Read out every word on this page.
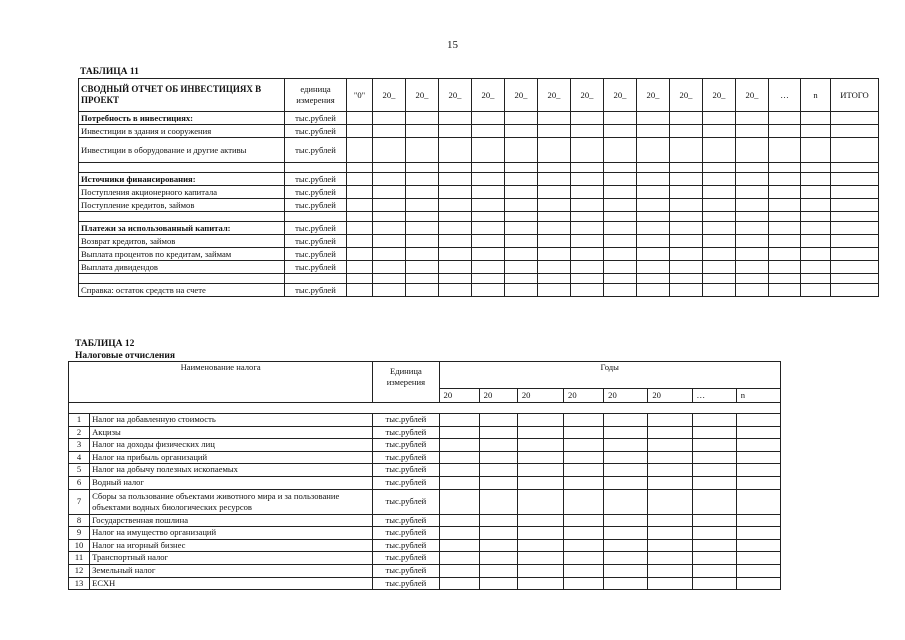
15
ТАБЛИЦА 11
СВОДНЫЙ ОТЧЕТ ОБ ИНВЕСТИЦИЯХ В ПРОЕКТ	единица измерения	"0"	20_	20_	20_	20_	20_	20_	20_	20_	20_	20_	20_	20_	…	n	ИТОГО
Потребность в инвестициях:	тыс.рублей																
Инвестиции в здания и сооружения	тыс.рублей																
Инвестиции в оборудование и другие активы	тыс.рублей																

Источники финансирования:	тыс.рублей																
Поступления акционерного капитала	тыс.рублей																
Поступление кредитов, займов	тыс.рублей																

Платежи за использованный капитал:	тыс.рублей																
Возврат кредитов, займов	тыс.рублей																
Выплата процентов по кредитам, займам	тыс.рублей																
Выплата дивидендов	тыс.рублей																

Справка: остаток средств на счете	тыс.рублей																
ТАБЛИЦА 12
Налоговые отчисления
Наименование налога		Единица измерения	Годы							
			20	20	20	20	20	20	…	n

1	Налог на добавленную стоимость	тыс.рублей								
2	Акцизы	тыс.рублей								
3	Налог на доходы физических лиц	тыс.рублей								
4	Налог на прибыль организаций	тыс.рублей								
5	Налог на добычу полезных ископаемых	тыс.рублей								
6	Водный налог	тыс.рублей								
7	Сборы за пользование объектами животного мира и за пользование объектами водных биологических ресурсов	тыс.рублей								
8	Государственная пошлина	тыс.рублей								
9	Налог на имущество организаций	тыс.рублей								
10	Налог на игорный бизнес	тыс.рублей								
11	Транспортный налог	тыс.рублей								
12	Земельный налог	тыс.рублей								
13	ЕСХН	тыс.рублей								
